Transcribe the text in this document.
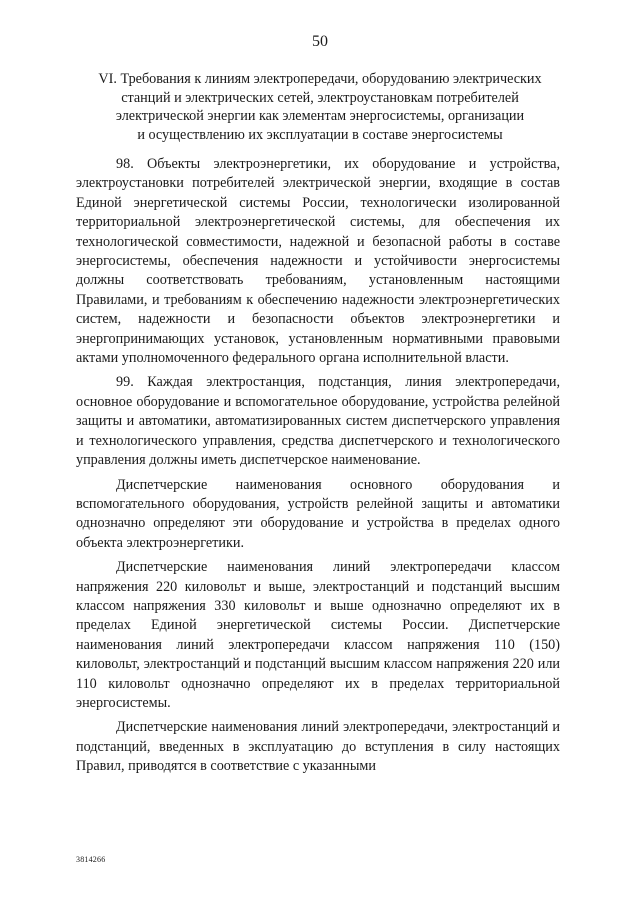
50
VI. Требования к линиям электропередачи, оборудованию электрических
станций и электрических сетей, электроустановкам потребителей
электрической энергии как элементам энергосистемы, организации
и осуществлению их эксплуатации в составе энергосистемы

98. Объекты электроэнергетики, их оборудование и устройства, электроустановки потребителей электрической энергии, входящие в состав Единой энергетической системы России, технологически изолированной территориальной электроэнергетической системы, для обеспечения их технологической совместимости, надежной и безопасной работы в составе энергосистемы, обеспечения надежности и устойчивости энергосистемы должны соответствовать требованиям, установленным настоящими Правилами, и требованиям к обеспечению надежности электроэнергетических систем, надежности и безопасности объектов электроэнергетики и энергопринимающих установок, установленным нормативными правовыми актами уполномоченного федерального органа исполнительной власти.

99. Каждая электростанция, подстанция, линия электропередачи, основное оборудование и вспомогательное оборудование, устройства релейной защиты и автоматики, автоматизированных систем диспетчерского управления и технологического управления, средства диспетчерского и технологического управления должны иметь диспетчерское наименование.

Диспетчерские наименования основного оборудования и вспомогательного оборудования, устройств релейной защиты и автоматики однозначно определяют эти оборудование и устройства в пределах одного объекта электроэнергетики.

Диспетчерские наименования линий электропередачи классом напряжения 220 киловольт и выше, электростанций и подстанций высшим классом напряжения 330 киловольт и выше однозначно определяют их в пределах Единой энергетической системы России. Диспетчерские наименования линий электропередачи классом напряжения 110 (150) киловольт, электростанций и подстанций высшим классом напряжения 220 или 110 киловольт однозначно определяют их в пределах территориальной энергосистемы.

Диспетчерские наименования линий электропередачи, электростанций и подстанций, введенных в эксплуатацию до вступления в силу настоящих Правил, приводятся в соответствие с указанными

3814266
